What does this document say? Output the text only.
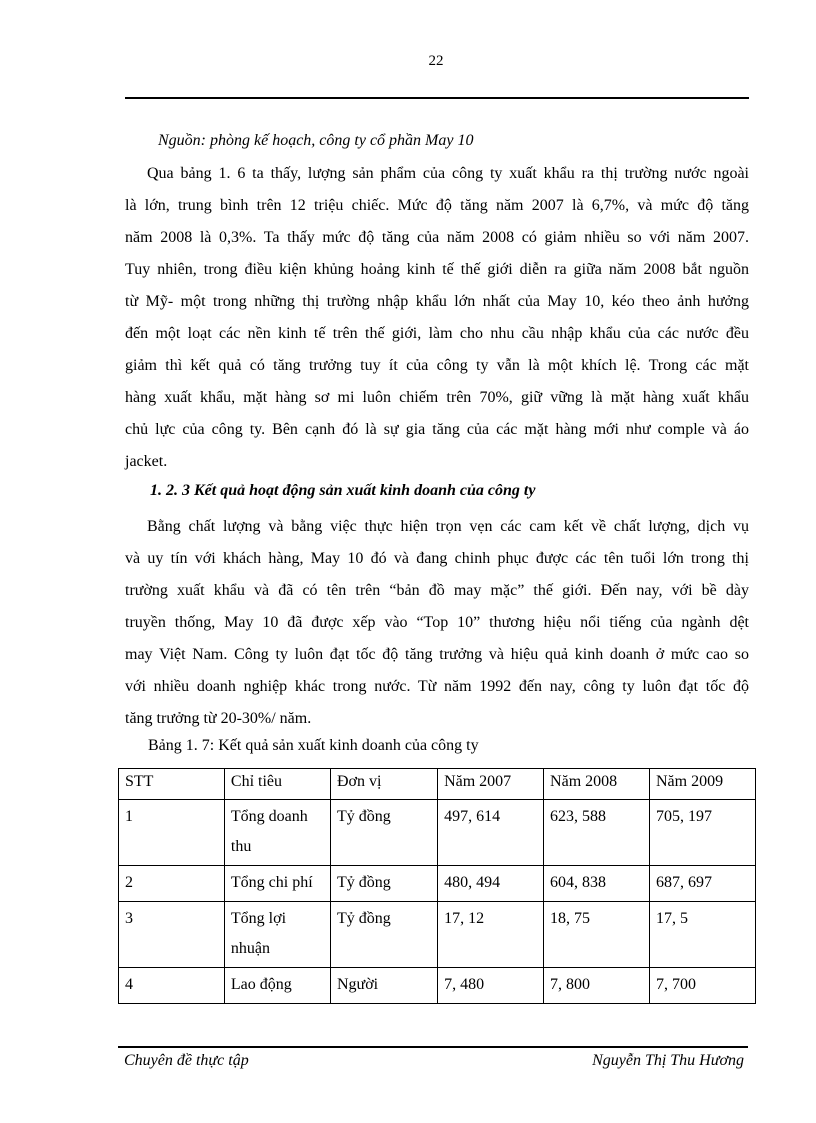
22
Nguồn: phòng kế hoạch, công ty cổ phần May 10
Qua bảng 1. 6 ta thấy, lượng sản phẩm của công ty xuất khẩu ra thị trường nước ngoài
là lớn, trung bình trên 12 triệu chiếc. Mức độ tăng năm 2007 là 6,7%, và mức độ tăng
năm 2008 là 0,3%. Ta thấy mức độ tăng của năm 2008 có giảm nhiều so với năm 2007.
Tuy nhiên, trong điều kiện khủng hoảng kinh tế thế giới diễn ra giữa năm 2008 bắt nguồn
từ Mỹ- một trong những thị trường nhập khẩu lớn nhất của May 10, kéo theo ảnh hưởng
đến một loạt các nền kinh tế trên thế giới, làm cho nhu cầu nhập khẩu của các nước đều
giảm thì kết quả có tăng trưởng tuy ít của công ty vẫn là một khích lệ. Trong các mặt
hàng xuất khẩu, mặt hàng sơ mi luôn chiếm trên 70%, giữ vững là mặt hàng xuất khẩu
chủ lực của công ty. Bên cạnh đó là sự gia tăng của các mặt hàng mới như comple và áo
jacket.
1. 2. 3 Kết quả hoạt động sản xuất kinh doanh của công ty
Bằng chất lượng và bằng việc thực hiện trọn vẹn các cam kết về chất lượng, dịch vụ
và uy tín với khách hàng, May 10 đó và đang chinh phục được các tên tuổi lớn trong thị
trường xuất khẩu và đã có tên trên “bản đồ may mặc” thế giới. Đến nay, với bề dày
truyền thống, May 10 đã được xếp vào “Top 10” thương hiệu nổi tiếng của ngành dệt
may Việt Nam. Công ty luôn đạt tốc độ tăng trưởng và hiệu quả kinh doanh ở mức cao so
với nhiều doanh nghiệp khác trong nước. Từ năm 1992 đến nay, công ty luôn đạt tốc độ
tăng trưởng từ 20-30%/ năm.
Bảng 1. 7: Kết quả sản xuất kinh doanh của công ty
STT	Chỉ tiêu	Đơn vị	Năm 2007	Năm 2008	Năm 2009
1	Tổng doanh thu	Tỷ đồng	497, 614	623, 588	705, 197
2	Tổng chi phí	Tỷ đồng	480, 494	604, 838	687, 697
3	Tổng lợi nhuận	Tỷ đồng	17, 12	18, 75	17, 5
4	Lao động	Người	7, 480	7, 800	7, 700
Chuyên đề thực tập	Nguyễn Thị Thu Hương
